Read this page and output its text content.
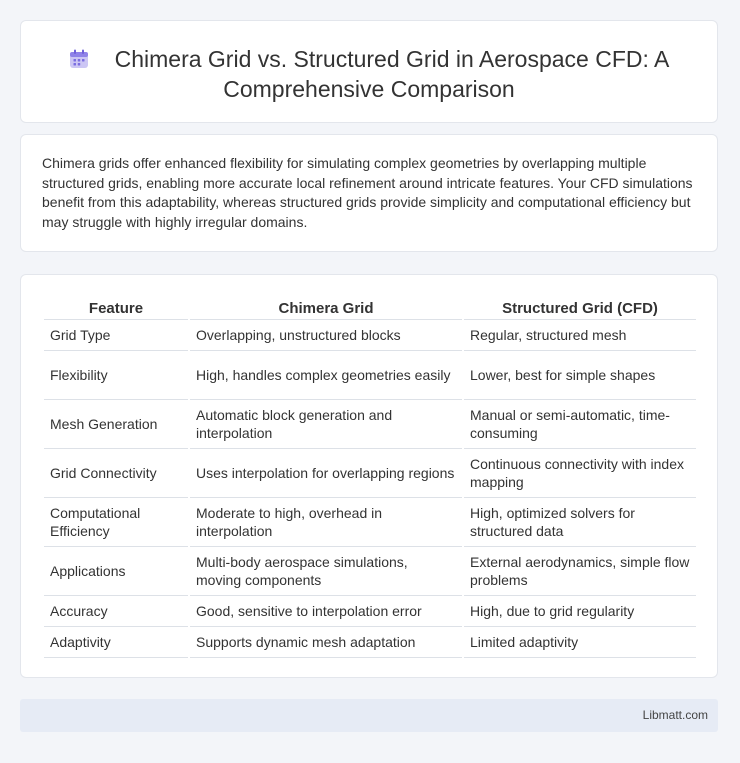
Chimera Grid vs. Structured Grid in Aerospace CFD: A
Comprehensive Comparison

Chimera grids offer enhanced flexibility for simulating complex geometries by overlapping multiple structured grids, enabling more accurate local refinement around intricate features. Your CFD simulations benefit from this adaptability, whereas structured grids provide simplicity and computational efficiency but may struggle with highly irregular domains.

Feature	Chimera Grid	Structured Grid (CFD)
Grid Type	Overlapping, unstructured blocks	Regular, structured mesh
Flexibility	High, handles complex geometries easily	Lower, best for simple shapes
Mesh Generation	Automatic block generation and interpolation	Manual or semi-automatic, time-consuming
Grid Connectivity	Uses interpolation for overlapping regions	Continuous connectivity with index mapping
Computational Efficiency	Moderate to high, overhead in interpolation	High, optimized solvers for structured data
Applications	Multi-body aerospace simulations, moving components	External aerodynamics, simple flow problems
Accuracy	Good, sensitive to interpolation error	High, due to grid regularity
Adaptivity	Supports dynamic mesh adaptation	Limited adaptivity
Libmatt.com
